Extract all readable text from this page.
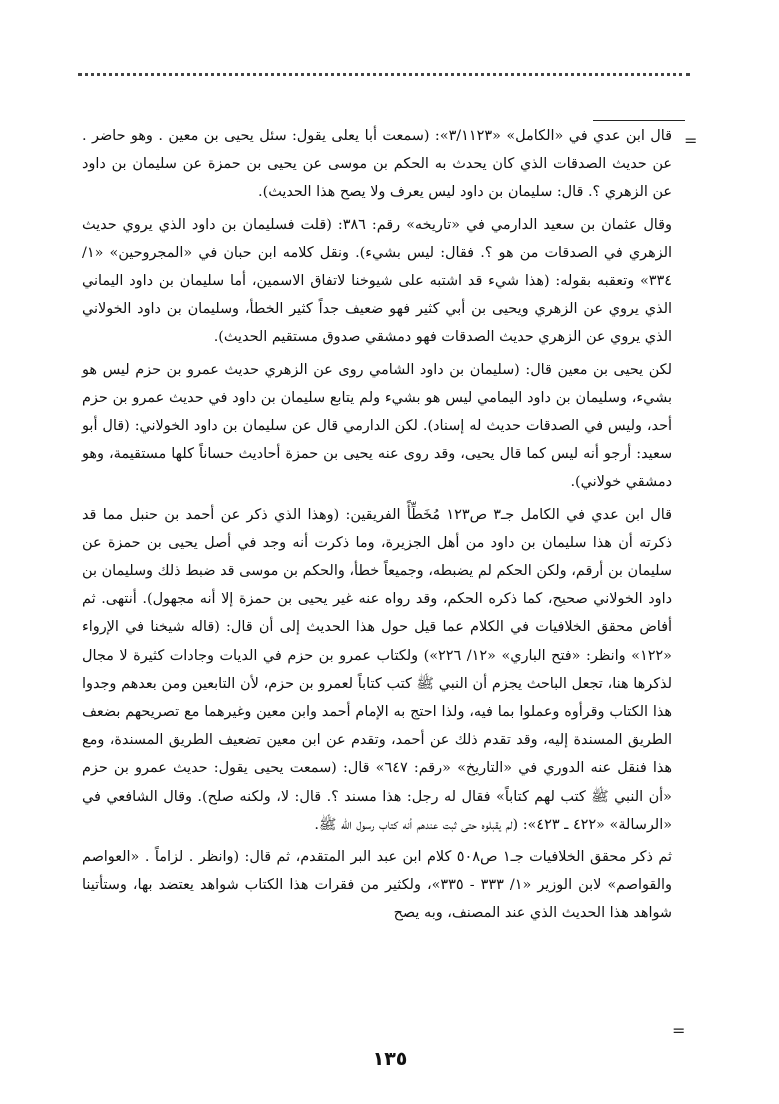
=

قال ابن عدي في «الكامل» «٣/١١٢٣»: (سمعت أبا يعلى يقول: سئل يحيى بن معين . وهو حاضر . عن حديث الصدقات الذي كان يحدث به الحكم بن موسى عن يحيى بن حمزة عن سليمان بن داود عن الزهري ؟. قال: سليمان بن داود ليس يعرف ولا يصح هذا الحديث).

وقال عثمان بن سعيد الدارمي في «تاريخه» رقم: ٣٨٦: (قلت فسليمان بن داود الذي يروي حديث الزهري في الصدقات من هو ؟. فقال: ليس بشيء). ونقل كلامه ابن حبان في «المجروحين» «١/ ٣٣٤» وتعقبه بقوله: (هذا شيء قد اشتبه على شيوخنا لاتفاق الاسمين، أما سليمان بن داود اليماني الذي يروي عن الزهري ويحيى بن أبي كثير فهو ضعيف جداً كثير الخطأ، وسليمان بن داود الخولاني الذي يروي عن الزهري حديث الصدقات فهو دمشقي صدوق مستقيم الحديث).

لكن يحيى بن معين قال: (سليمان بن داود الشامي روى عن الزهري حديث عمرو بن حزم ليس هو بشيء، وسليمان بن داود اليمامي ليس هو بشيء ولم يتابع سليمان بن داود في حديث عمرو بن حزم أحد، وليس في الصدقات حديث له إسناد). لكن الدارمي قال عن سليمان بن داود الخولاني: (قال أبو سعيد: أرجو أنه ليس كما قال يحيى، وقد روى عنه يحيى بن حمزة أحاديث حساناً كلها مستقيمة، وهو دمشقي خولاني).

قال ابن عدي في الكامل جـ٣ ص١٢٣ مُخَطِّأً الفريقين: (وهذا الذي ذكر عن أحمد بن حنبل مما قد ذكرته أن هذا سليمان بن داود من أهل الجزيرة، وما ذكرت أنه وجد في أصل يحيى بن حمزة عن سليمان بن أرقم، ولكن الحكم لم يضبطه، وجميعاً خطأ، والحكم بن موسى قد ضبط ذلك وسليمان بن داود الخولاني صحيح، كما ذكره الحكم، وقد رواه عنه غير يحيى بن حمزة إلا أنه مجهول). أنتهى. ثم أفاض محقق الخلافيات في الكلام عما قيل حول هذا الحديث إلى أن قال: (قاله شيخنا في الإرواء «١٢٢» وانظر: «فتح الباري» «١٢/ ٢٢٦») ولكتاب عمرو بن حزم في الديات وجادات كثيرة لا مجال لذكرها هنا، تجعل الباحث يجزم أن النبي ﷺ كتب كتاباً لعمرو بن حزم، لأن التابعين ومن بعدهم وجدوا هذا الكتاب وقرأوه وعملوا بما فيه، ولذا احتج به الإمام أحمد وابن معين وغيرهما مع تصريحهم بضعف الطريق المسندة إليه، وقد تقدم ذلك عن أحمد، وتقدم عن ابن معين تضعيف الطريق المسندة، ومع هذا فنقل عنه الدوري في «التاريخ» «رقم: ٦٤٧» قال: (سمعت يحيى يقول: حديث عمرو بن حزم «أن النبي ﷺ كتب لهم كتاباً» فقال له رجل: هذا مسند ؟. قال: لا، ولكنه صلح). وقال الشافعي في «الرسالة» «٤٢٢ ـ ٤٢٣»: (لم يقبلوه حتى ثبت عندهم أنه كتاب رسول الله ﷺ.

ثم ذكر محقق الخلافيات جـ١ ص٥٠٨ كلام ابن عبد البر المتقدم، ثم قال: (وانظر . لزاماً . «العواصم والقواصم» لابن الوزير «١/ ٣٣٣ - ٣٣٥»، ولكثير من فقرات هذا الكتاب شواهد يعتضد بها، وستأتينا شواهد هذا الحديث الذي عند المصنف، وبه يصح

=
١٣٥
